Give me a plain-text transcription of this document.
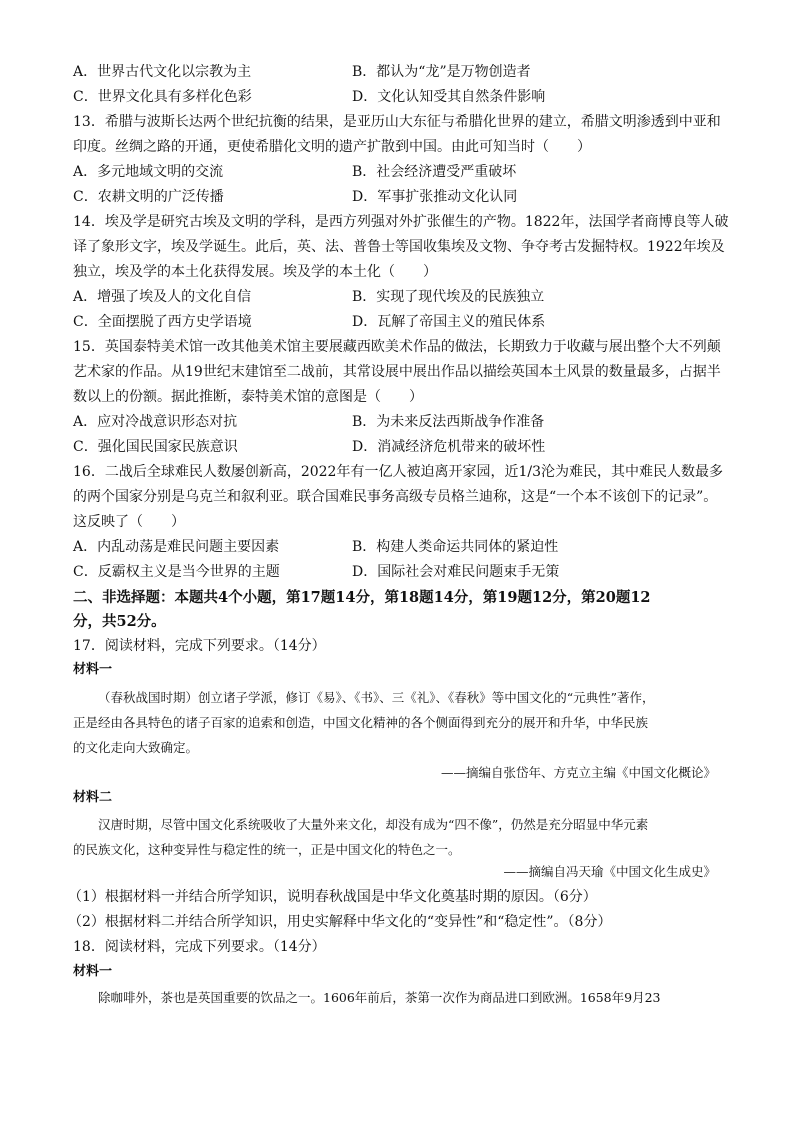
A．世界古代文化以宗教为主	B．都认为“龙”是万物创造者
C．世界文化具有多样化色彩	D．文化认知受其自然条件影响
13．希腊与波斯长达两个世纪抗衡的结果，是亚历山大东征与希腊化世界的建立，希腊文明渗透到中亚和
印度。丝绸之路的开通，更使希腊化文明的遗产扩散到中国。由此可知当时（　　）
A．多元地域文明的交流	B．社会经济遭受严重破坏
C．农耕文明的广泛传播	D．军事扩张推动文化认同
14．埃及学是研究古埃及文明的学科，是西方列强对外扩张催生的产物。1822年，法国学者商博良等人破
译了象形文字，埃及学诞生。此后，英、法、普鲁士等国收集埃及文物、争夺考古发掘特权。1922年埃及
独立，埃及学的本土化获得发展。埃及学的本土化（　　）
A．增强了埃及人的文化自信	B．实现了现代埃及的民族独立
C．全面摆脱了西方史学语境	D．瓦解了帝国主义的殖民体系
15．英国泰特美术馆一改其他美术馆主要展藏西欧美术作品的做法，长期致力于收藏与展出整个大不列颠
艺术家的作品。从19世纪末建馆至二战前，其常设展中展出作品以描绘英国本土风景的数量最多，占据半
数以上的份额。据此推断，泰特美术馆的意图是（　　）
A．应对冷战意识形态对抗	B．为未来反法西斯战争作准备
C．强化国民国家民族意识	D．消减经济危机带来的破坏性
16．二战后全球难民人数屡创新高，2022年有一亿人被迫离开家园，近1/3沦为难民，其中难民人数最多
的两个国家分别是乌克兰和叙利亚。联合国难民事务高级专员格兰迪称，这是“一个本不该创下的记录”。
这反映了（　　）
A．内乱动荡是难民问题主要因素	B．构建人类命运共同体的紧迫性
C．反霸权主义是当今世界的主题	D．国际社会对难民问题束手无策
二、非选择题：本题共4个小题，第17题14分，第18题14分，第19题12分，第20题12
分，共52分。
17．阅读材料，完成下列要求。（14分）
材料一
（春秋战国时期）创立诸子学派，修订《易》、《书》、三《礼》、《春秋》等中国文化的“元典性”著作，
正是经由各具特色的诸子百家的追索和创造，中国文化精神的各个侧面得到充分的展开和升华，中华民族
的文化走向大致确定。
——摘编自张岱年、方克立主编《中国文化概论》
材料二
汉唐时期，尽管中国文化系统吸收了大量外来文化，却没有成为“四不像”，仍然是充分昭显中华元素
的民族文化，这种变异性与稳定性的统一，正是中国文化的特色之一。
——摘编自冯天瑜《中国文化生成史》
（1）根据材料一并结合所学知识，说明春秋战国是中华文化奠基时期的原因。（6分）
（2）根据材料二并结合所学知识，用史实解释中华文化的“变异性”和“稳定性”。（8分）
18．阅读材料，完成下列要求。（14分）
材料一
除咖啡外，茶也是英国重要的饮品之一。1606年前后，茶第一次作为商品进口到欧洲。1658年9月23
